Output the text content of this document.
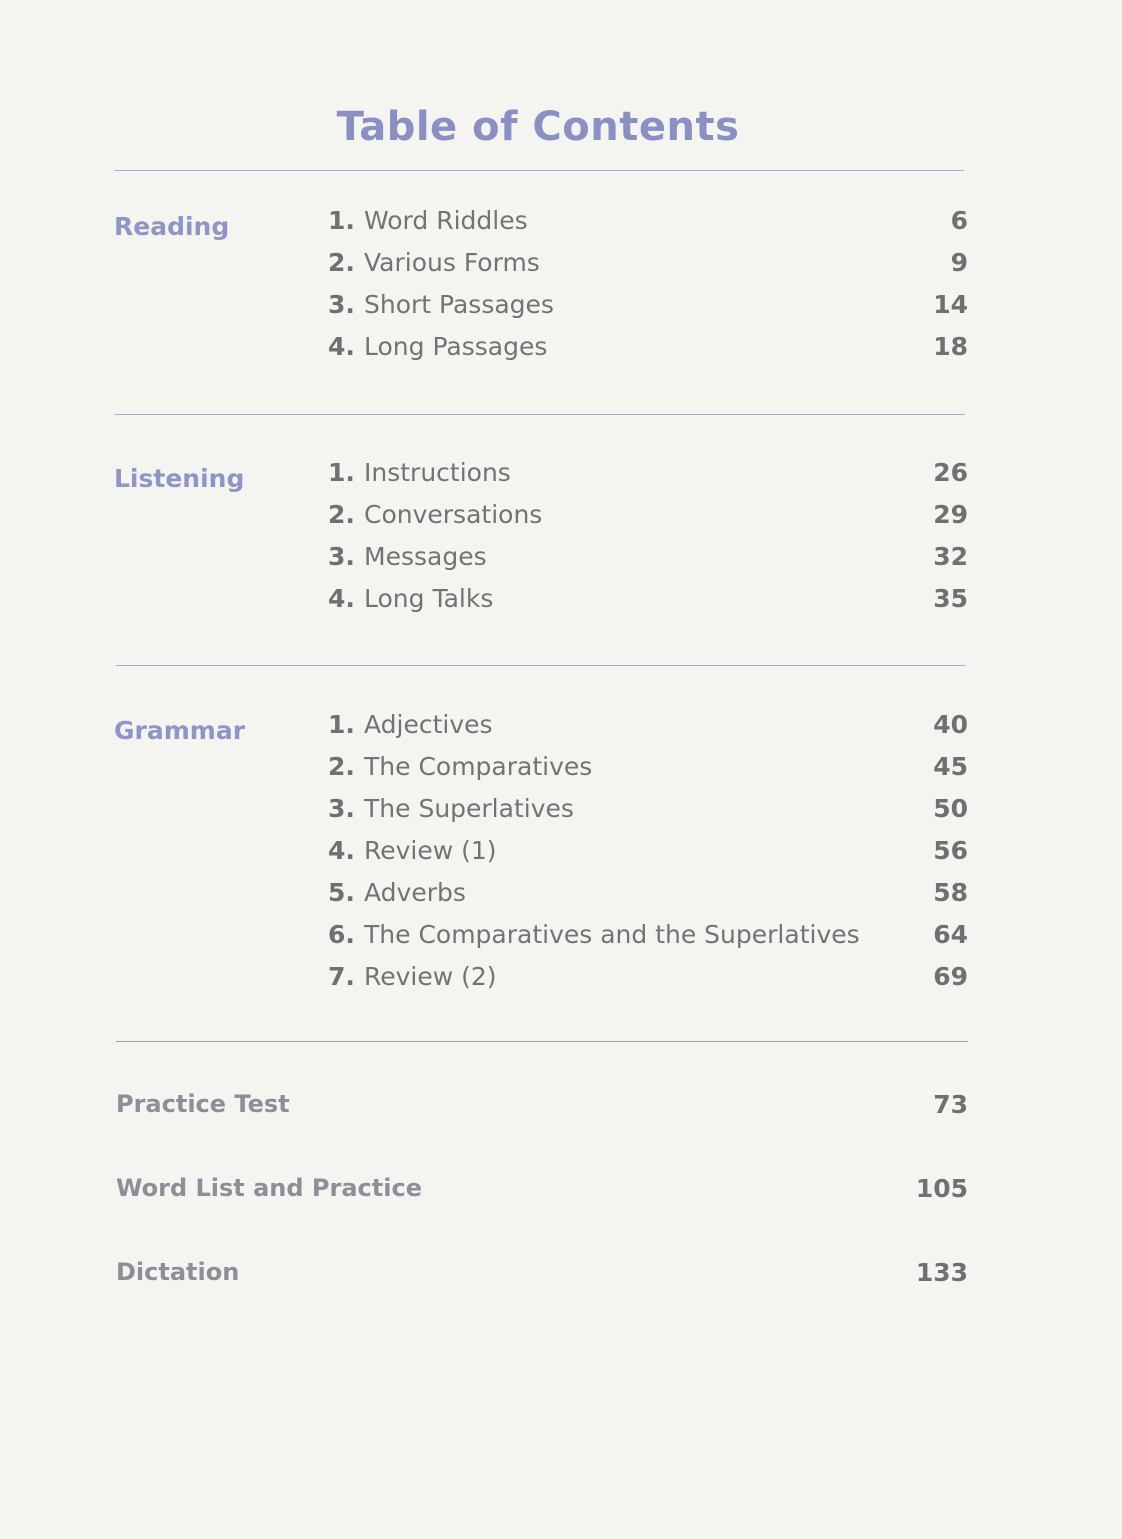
Table of Contents
Reading	1. Word Riddles	6
2. Various Forms	9
3. Short Passages	14
4. Long Passages	18
Listening	1. Instructions	26
2. Conversations	29
3. Messages	32
4. Long Talks	35
Grammar	1. Adjectives	40
2. The Comparatives	45
3. The Superlatives	50
4. Review (1)	56
5. Adverbs	58
6. The Comparatives and the Superlatives	64
7. Review (2)	69
Practice Test	73
Word List and Practice	105
Dictation	133
